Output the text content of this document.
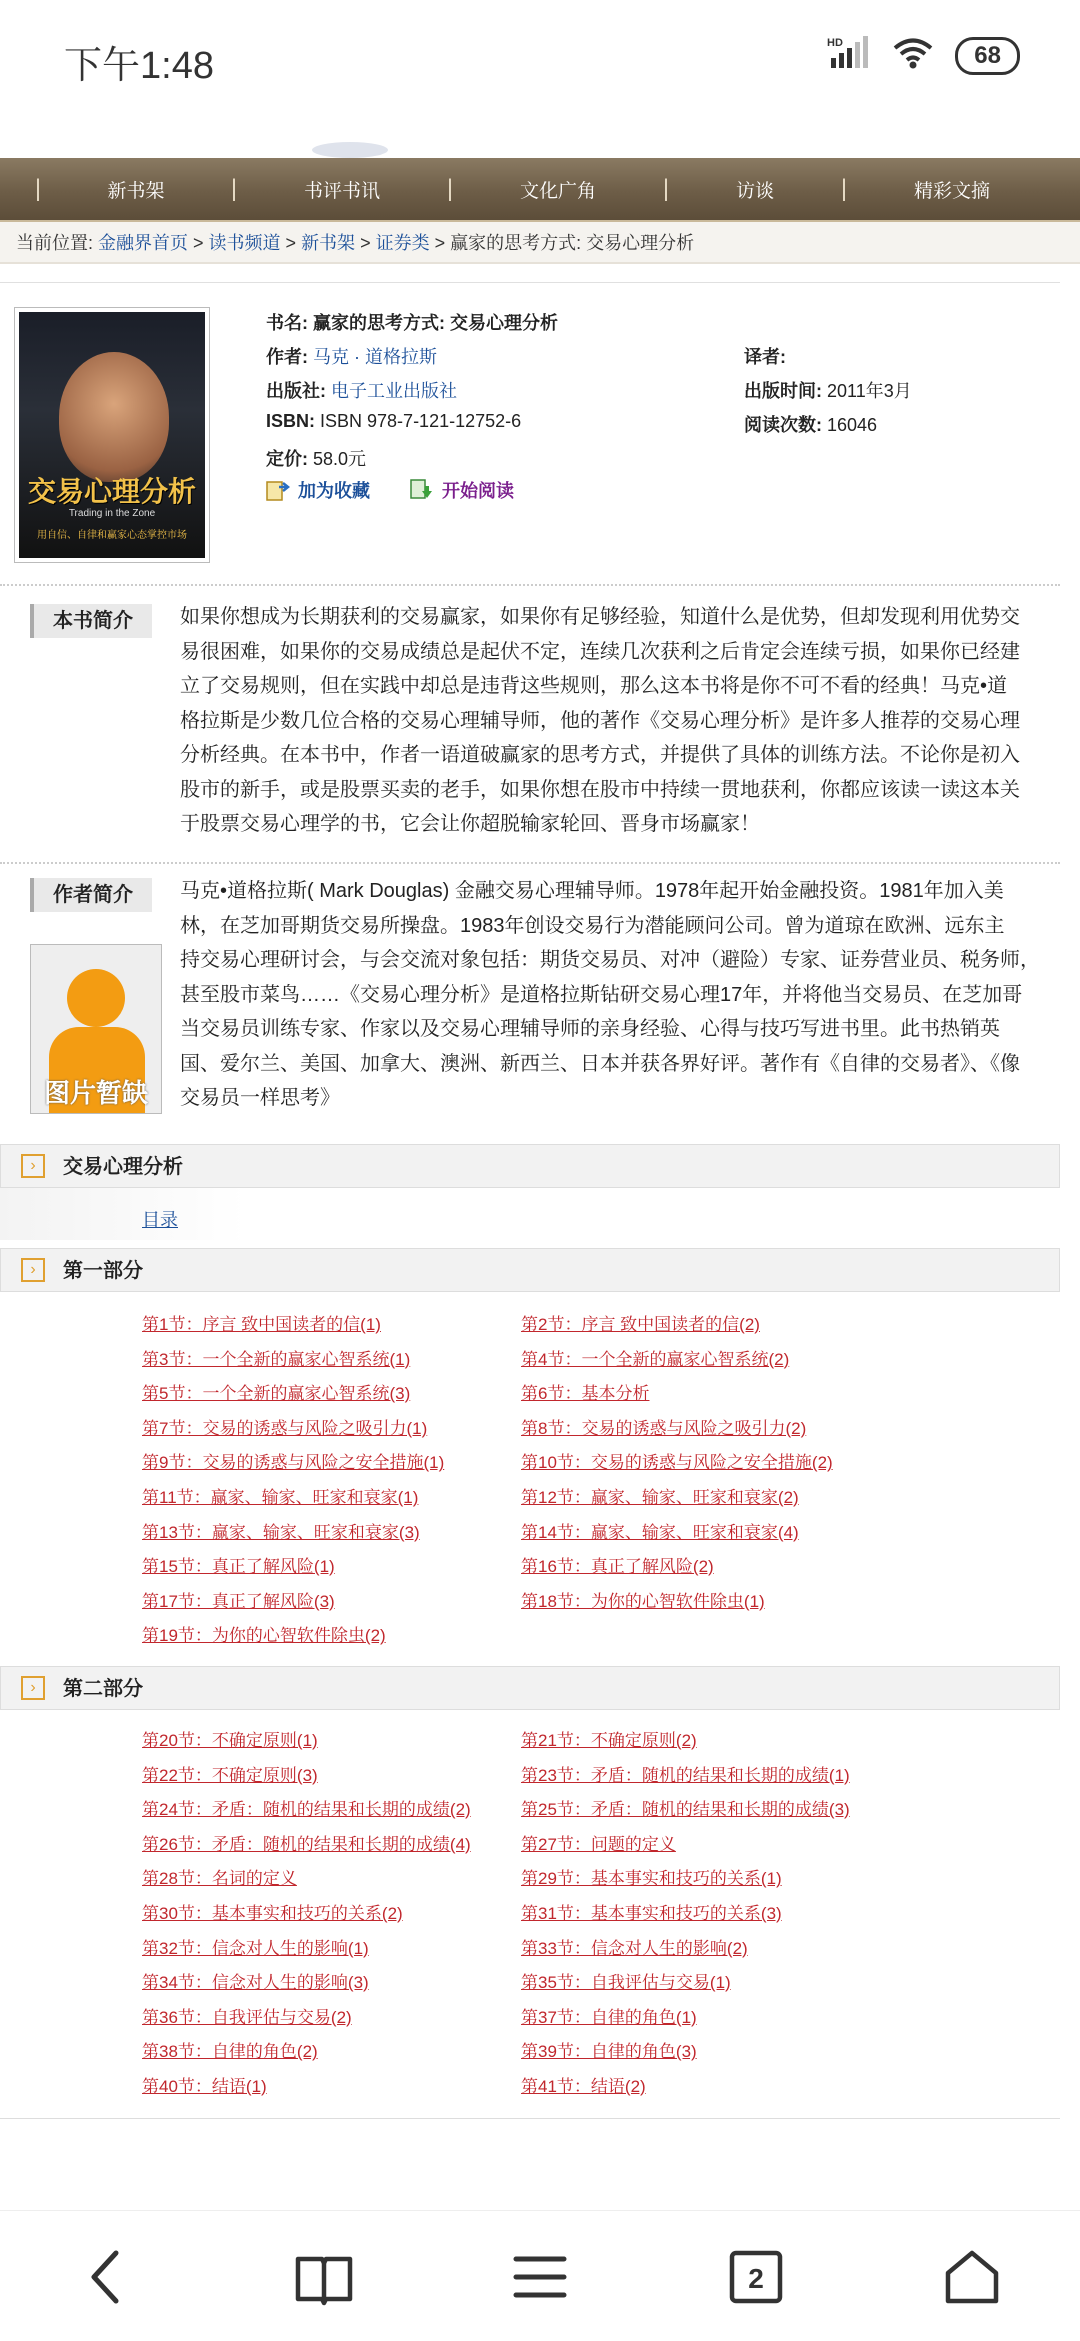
下午1:48
HD	68
|	新书架	|	书评书讯	|	文化广角	|	访谈	|	精彩文摘
当前位置: 金融界首页 > 读书频道 > 新书架 > 证券类 > 赢家的思考方式: 交易心理分析
交易心理分析
Trading in the Zone
用自信、自律和赢家心态掌控市场
书名: 赢家的思考方式: 交易心理分析
作者: 马克 · 道格拉斯	译者:
出版社: 电子工业出版社	出版时间: 2011年3月
ISBN: ISBN 978-7-121-12752-6	阅读次数: 16046
定价: 58.0元
加为收藏	开始阅读
本书简介	如果你想成为长期获利的交易赢家，如果你有足够经验，知道什么是优势，但却发现利用优势交
易很困难，如果你的交易成绩总是起伏不定，连续几次获利之后肯定会连续亏损，如果你已经建
立了交易规则，但在实践中却总是违背这些规则，那么这本书将是你不可不看的经典！马克•道
格拉斯是少数几位合格的交易心理辅导师，他的著作《交易心理分析》是许多人推荐的交易心理
分析经典。在本书中，作者一语道破赢家的思考方式，并提供了具体的训练方法。不论你是初入
股市的新手，或是股票买卖的老手，如果你想在股市中持续一贯地获利，你都应该读一读这本关
于股票交易心理学的书，它会让你超脱输家轮回、晋身市场赢家！
作者简介
图片暂缺
马克•道格拉斯( Mark Douglas) 金融交易心理辅导师。1978年起开始金融投资。1981年加入美
林，在芝加哥期货交易所操盘。1983年创设交易行为潜能顾问公司。曾为道琼在欧洲、远东主
持交易心理研讨会，与会交流对象包括：期货交易员、对冲（避险）专家、证券营业员、税务师，
甚至股市菜鸟……《交易心理分析》是道格拉斯钻研交易心理17年，并将他当交易员、在芝加哥
当交易员训练专家、作家以及交易心理辅导师的亲身经验、心得与技巧写进书里。此书热销英
国、爱尔兰、美国、加拿大、澳洲、新西兰、日本并获各界好评。著作有《自律的交易者》、《像
交易员一样思考》
›	交易心理分析
目录
›	第一部分
第1节：序言 致中国读者的信(1)	第2节：序言 致中国读者的信(2)
第3节：一个全新的赢家心智系统(1)	第4节：一个全新的赢家心智系统(2)
第5节：一个全新的赢家心智系统(3)	第6节：基本分析
第7节：交易的诱惑与风险之吸引力(1)	第8节：交易的诱惑与风险之吸引力(2)
第9节：交易的诱惑与风险之安全措施(1)	第10节：交易的诱惑与风险之安全措施(2)
第11节：赢家、输家、旺家和衰家(1)	第12节：赢家、输家、旺家和衰家(2)
第13节：赢家、输家、旺家和衰家(3)	第14节：赢家、输家、旺家和衰家(4)
第15节：真正了解风险(1)	第16节：真正了解风险(2)
第17节：真正了解风险(3)	第18节：为你的心智软件除虫(1)
第19节：为你的心智软件除虫(2)
›	第二部分
第20节：不确定原则(1)	第21节：不确定原则(2)
第22节：不确定原则(3)	第23节：矛盾：随机的结果和长期的成绩(1)
第24节：矛盾：随机的结果和长期的成绩(2)	第25节：矛盾：随机的结果和长期的成绩(3)
第26节：矛盾：随机的结果和长期的成绩(4)	第27节：问题的定义
第28节：名词的定义	第29节：基本事实和技巧的关系(1)
第30节：基本事实和技巧的关系(2)	第31节：基本事实和技巧的关系(3)
第32节：信念对人生的影响(1)	第33节：信念对人生的影响(2)
第34节：信念对人生的影响(3)	第35节：自我评估与交易(1)
第36节：自我评估与交易(2)	第37节：自律的角色(1)
第38节：自律的角色(2)	第39节：自律的角色(3)
第40节：结语(1)	第41节：结语(2)
2
